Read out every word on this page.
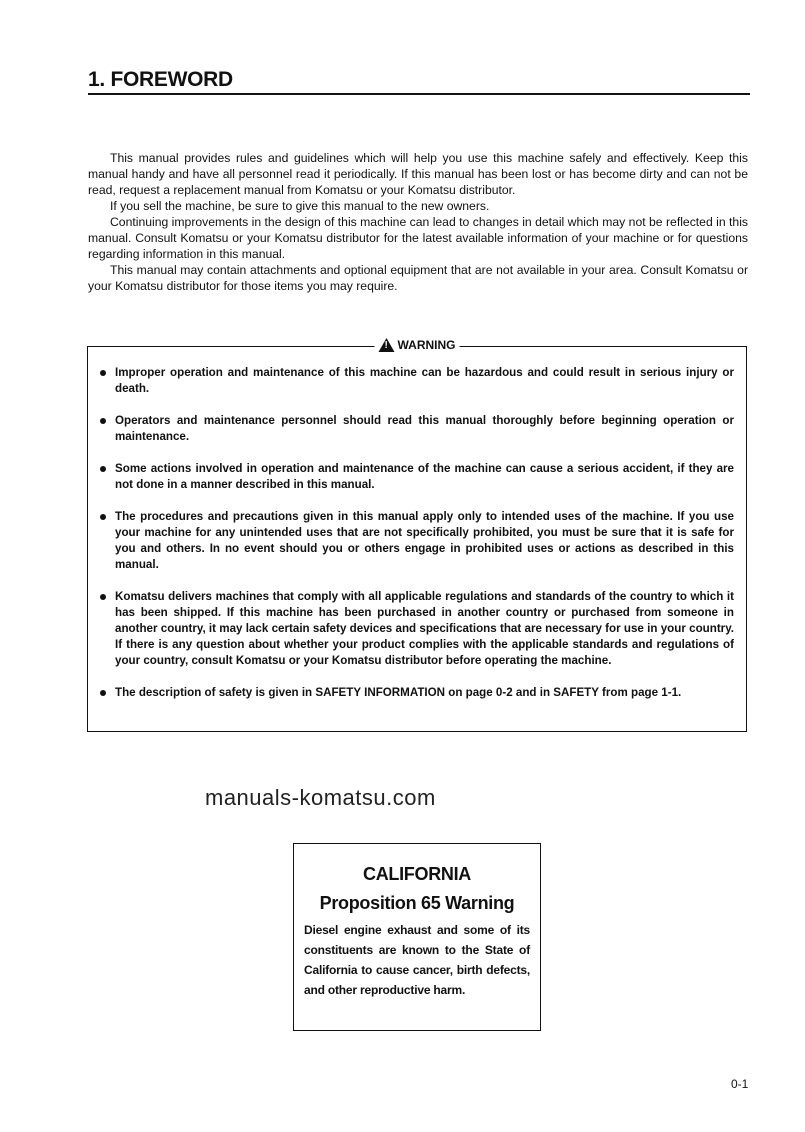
1. FOREWORD

This manual provides rules and guidelines which will help you use this machine safely and effectively. Keep this manual handy and have all personnel read it periodically. If this manual has been lost or has become dirty and can not be read, request a replacement manual from Komatsu or your Komatsu distributor.

If you sell the machine, be sure to give this manual to the new owners.

Continuing improvements in the design of this machine can lead to changes in detail which may not be reflected in this manual. Consult Komatsu or your Komatsu distributor for the latest available information of your machine or for questions regarding information in this manual.

This manual may contain attachments and optional equipment that are not available in your area. Consult Komatsu or your Komatsu distributor for those items you may require.

! WARNING
Improper operation and maintenance of this machine can be hazardous and could result in serious injury or death.
Operators and maintenance personnel should read this manual thoroughly before beginning operation or maintenance.
Some actions involved in operation and maintenance of the machine can cause a serious accident, if they are not done in a manner described in this manual.
The procedures and precautions given in this manual apply only to intended uses of the machine. If you use your machine for any unintended uses that are not specifically prohibited, you must be sure that it is safe for you and others. In no event should you or others engage in prohibited uses or actions as described in this manual.
Komatsu delivers machines that comply with all applicable regulations and standards of the country to which it has been shipped. If this machine has been purchased in another country or purchased from someone in another country, it may lack certain safety devices and specifications that are necessary for use in your country. If there is any question about whether your product complies with the applicable standards and regulations of your country, consult Komatsu or your Komatsu distributor before operating the machine.
The description of safety is given in SAFETY INFORMATION on page 0-2 and in SAFETY from page 1-1.
manuals-komatsu.com
CALIFORNIA
Proposition 65 Warning

Diesel engine exhaust and some of its constituents are known to the State of California to cause cancer, birth defects, and other reproductive harm.

0-1
